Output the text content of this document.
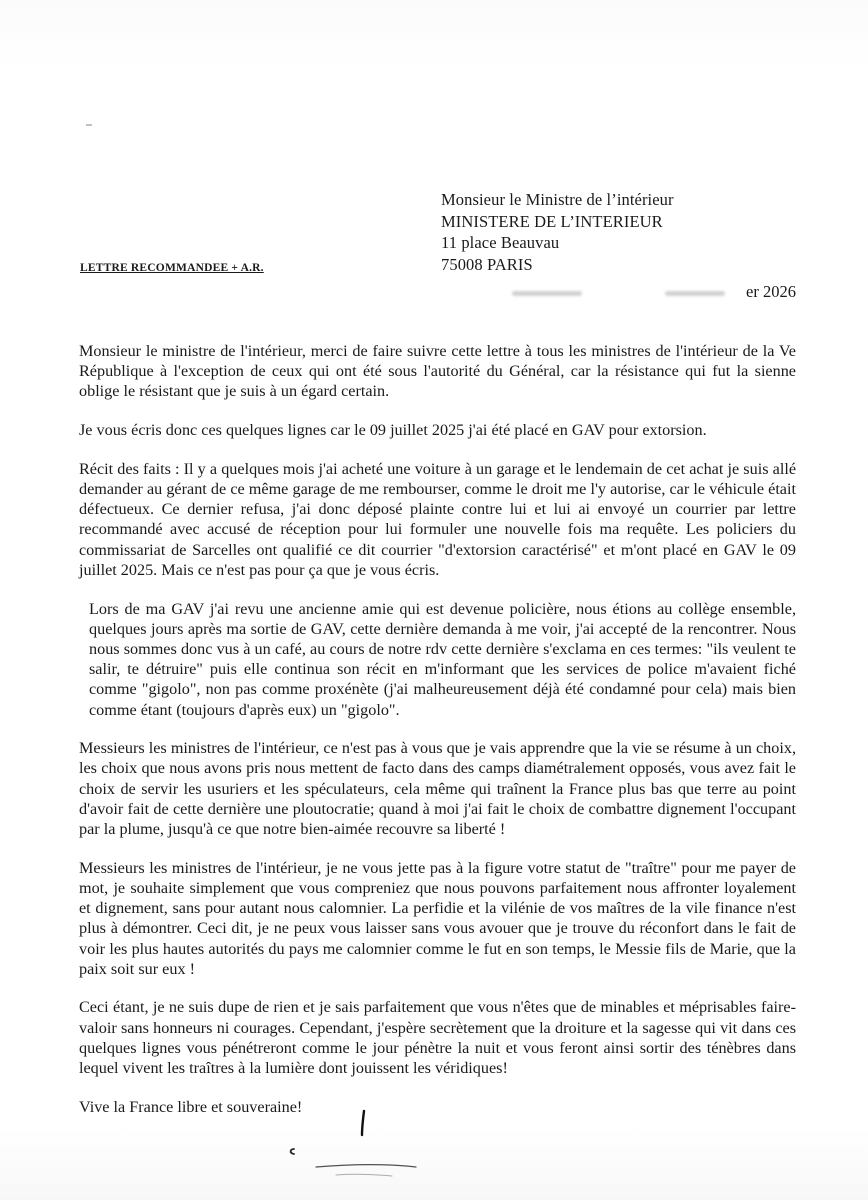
Monsieur le Ministre de l’intérieur
MINISTERE DE L’INTERIEUR
11 place Beauvau
75008 PARIS
LETTRE RECOMMANDEE + A.R.
er 2026

Monsieur le ministre de l'intérieur, merci de faire suivre cette lettre à tous les ministres de l'intérieur de la Ve République à l'exception de ceux qui ont été sous l'autorité du Général, car la résistance qui fut la sienne oblige le résistant que je suis à un égard certain.

Je vous écris donc ces quelques lignes car le 09 juillet 2025 j'ai été placé en GAV pour extorsion.

Récit des faits : Il y a quelques mois j'ai acheté une voiture à un garage et le lendemain de cet achat je suis allé demander au gérant de ce même garage de me rembourser, comme le droit me l'y autorise, car le véhicule était défectueux. Ce dernier refusa, j'ai donc déposé plainte contre lui et lui ai envoyé un courrier par lettre recommandé avec accusé de réception pour lui formuler une nouvelle fois ma requête. Les policiers du commissariat de Sarcelles ont qualifié ce dit courrier "d'extorsion caractérisé" et m'ont placé en GAV le 09 juillet 2025. Mais ce n'est pas pour ça que je vous écris.

Lors de ma GAV j'ai revu une ancienne amie qui est devenue policière, nous étions au collège ensemble, quelques jours après ma sortie de GAV, cette dernière demanda à me voir, j'ai accepté de la rencontrer. Nous nous sommes donc vus à un café, au cours de notre rdv cette dernière s'exclama en ces termes: "ils veulent te salir, te détruire" puis elle continua son récit en m'informant que les services de police m'avaient fiché comme "gigolo", non pas comme proxénète (j'ai malheureusement déjà été condamné pour cela) mais bien comme étant (toujours d'après eux) un "gigolo".

Messieurs les ministres de l'intérieur, ce n'est pas à vous que je vais apprendre que la vie se résume à un choix, les choix que nous avons pris nous mettent de facto dans des camps diamétralement opposés, vous avez fait le choix de servir les usuriers et les spéculateurs, cela même qui traînent la France plus bas que terre au point d'avoir fait de cette dernière une ploutocratie; quand à moi j'ai fait le choix de combattre dignement l'occupant par la plume, jusqu'à ce que notre bien-aimée recouvre sa liberté !

Messieurs les ministres de l'intérieur, je ne vous jette pas à la figure votre statut de "traître" pour me payer de mot, je souhaite simplement que vous compreniez que nous pouvons parfaitement nous affronter loyalement et dignement, sans pour autant nous calomnier. La perfidie et la vilénie de vos maîtres de la vile finance n'est plus à démontrer. Ceci dit, je ne peux vous laisser sans vous avouer que je trouve du réconfort dans le fait de voir les plus hautes autorités du pays me calomnier comme le fut en son temps, le Messie fils de Marie, que la paix soit sur eux !

Ceci étant, je ne suis dupe de rien et je sais parfaitement que vous n'êtes que de minables et méprisables faire-valoir sans honneurs ni courages. Cependant, j'espère secrètement que la droiture et la sagesse qui vit dans ces quelques lignes vous pénétreront comme le jour pénètre la nuit et vous feront ainsi sortir des ténèbres dans lequel vivent les traîtres à la lumière dont jouissent les véridiques!

Vive la France libre et souveraine!
